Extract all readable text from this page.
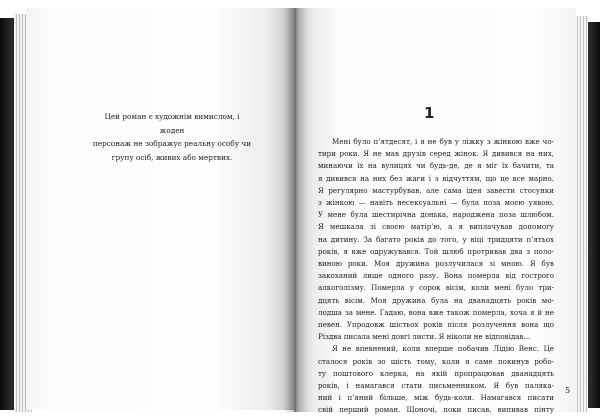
Цей роман є художнім вимислом, і жоден
персонаж не зображує реальну особу чи
групу осіб, живих або мертвих.
1
Мені було п’ятдесят, і я не був у ліжку з жінкою вже чо-
тири роки. Я не мав друзів серед жінок. Я дивився на них,
минаючи їх на вулицях чи будь-де, де я міг їх бачити, та
я дивився на них без жаги і з відчуттям, що це все марно.
Я регулярно мастурбував, але сама ідея завести стосунки
з жінкою — навіть несексуальні — була поза моєю уявою.
У мене була шестирічна донька, народжена поза шлюбом.
Я мешкала зі своєю матір’ю, а я виплачував допомогу
на дитину. За багато років до того, у віці тридцяти п’ятьох
років, я вже одружувався. Той шлюб протривав два з поло-
виною роки. Моя дружина розлучилася зі мною. Я був
закоханий лише одного разу. Вона померла від гострого
алкоголізму. Померла у сорок вісім, коли мені було три-
дцять вісім. Моя дружина була на дванадцять років мо-
лодша за мене. Гадаю, вона вже також померла, хоча я й не
певен. Упродовж шістьох років після розлучення вона що
Різдва писала мені довгі листи. Я ніколи не відповідав...
Я не впевнений, коли вперше побачив Лідію Венс. Це
сталося років зо шість тому, коли я саме покинув робо-
ту поштового клерка, на якій пропрацював дванадцять
років, і намагався стати письменником. Я був паляка-
ний і п’яний більше, між будь-коли. Намагався писати
свій перший роман. Щоночі, поки писав, випивав пінту
5
